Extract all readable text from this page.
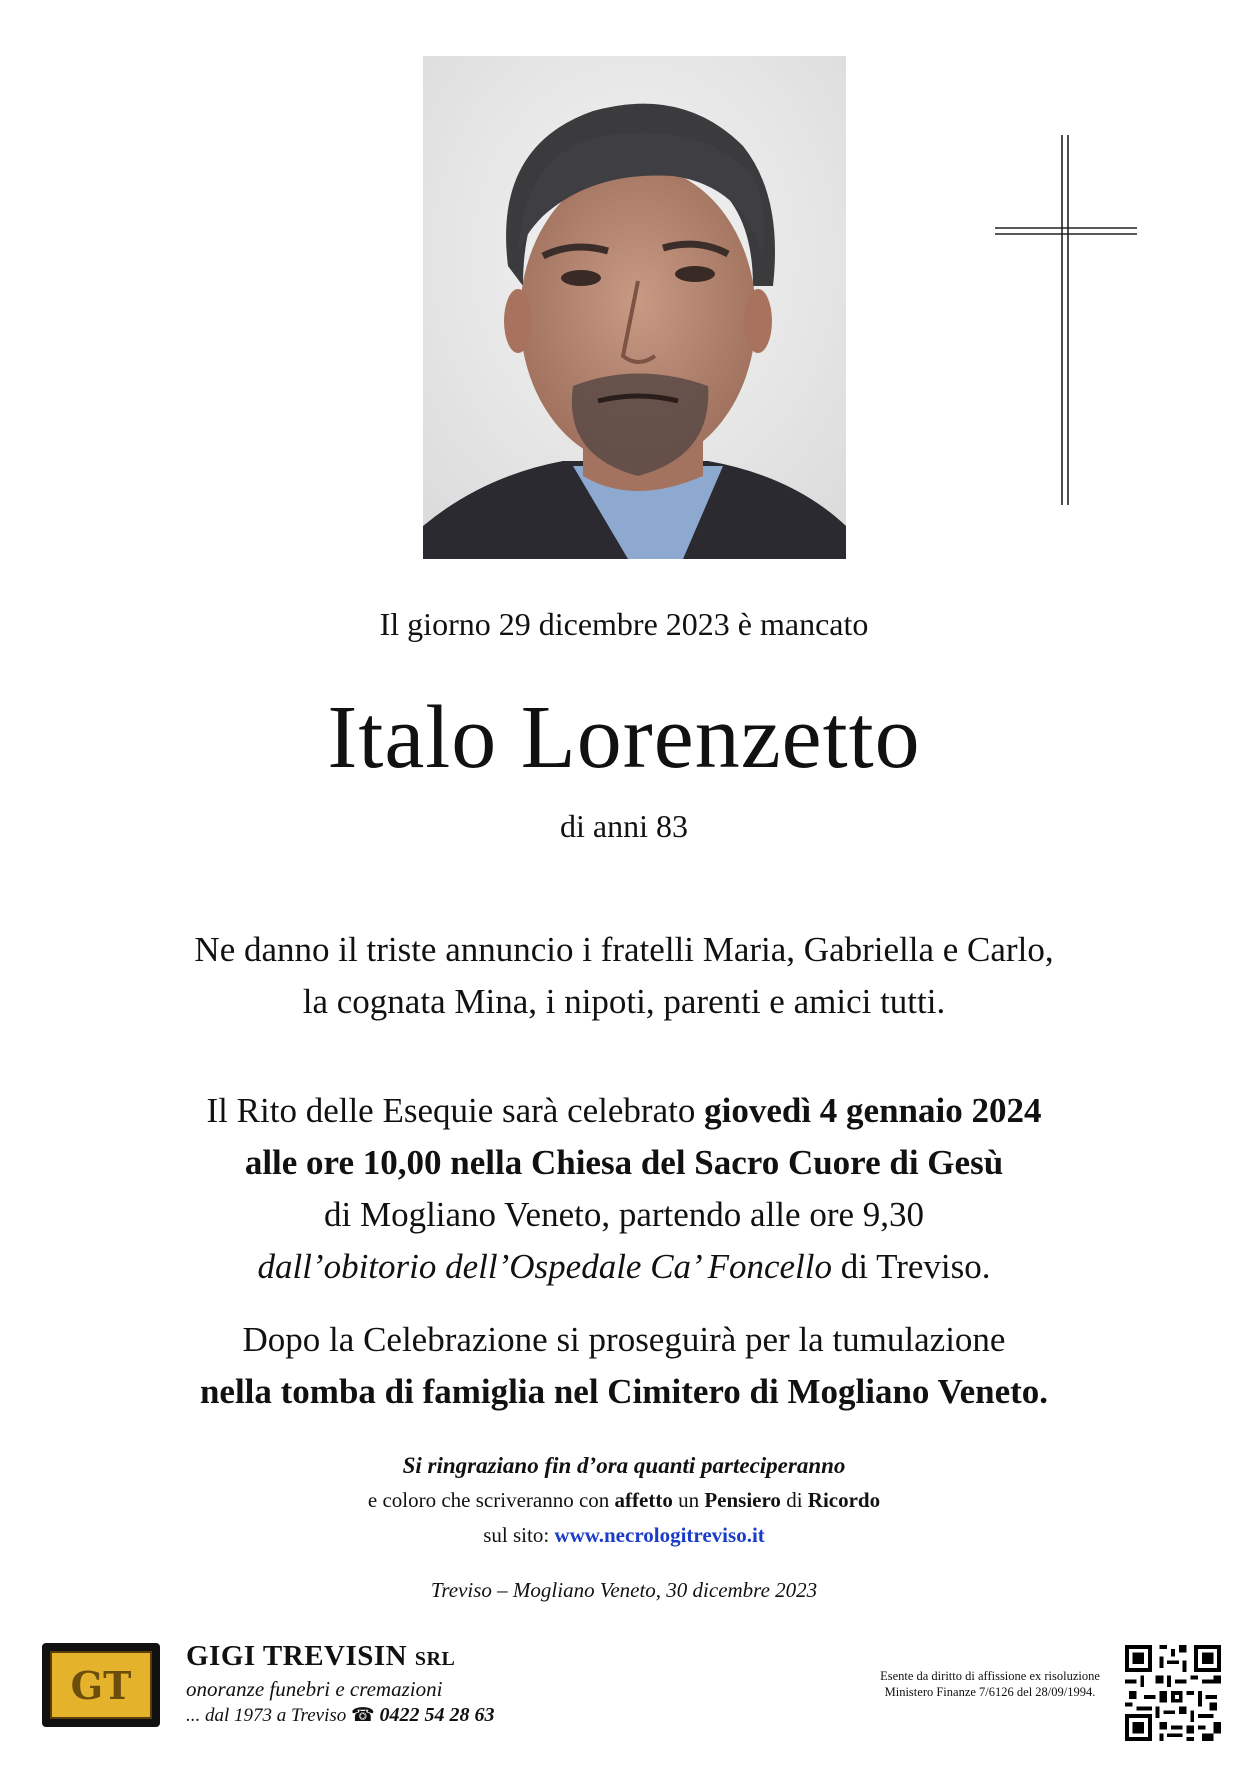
Il giorno 29 dicembre 2023 è mancato
Italo Lorenzetto
di anni 83
Ne danno il triste annuncio i fratelli Maria, Gabriella e Carlo,
la cognata Mina, i nipoti, parenti e amici tutti.
Il Rito delle Esequie sarà celebrato giovedì 4 gennaio 2024
alle ore 10,00 nella Chiesa del Sacro Cuore di Gesù
di Mogliano Veneto, partendo alle ore 9,30
dall’obitorio dell’Ospedale Ca’ Foncello di Treviso.
Dopo la Celebrazione si proseguirà per la tumulazione
nella tomba di famiglia nel Cimitero di Mogliano Veneto.
Si ringraziano fin d’ora quanti parteciperanno
e coloro che scriveranno con affetto un Pensiero di Ricordo
sul sito: www.necrologitreviso.it
Treviso – Mogliano Veneto, 30 dicembre 2023
GT
GIGI TREVISIN SRL
onoranze funebri e cremazioni
... dal 1973 a Treviso ☎ 0422 54 28 63
Esente da diritto di affissione ex risoluzione
Ministero Finanze 7/6126 del 28/09/1994.
